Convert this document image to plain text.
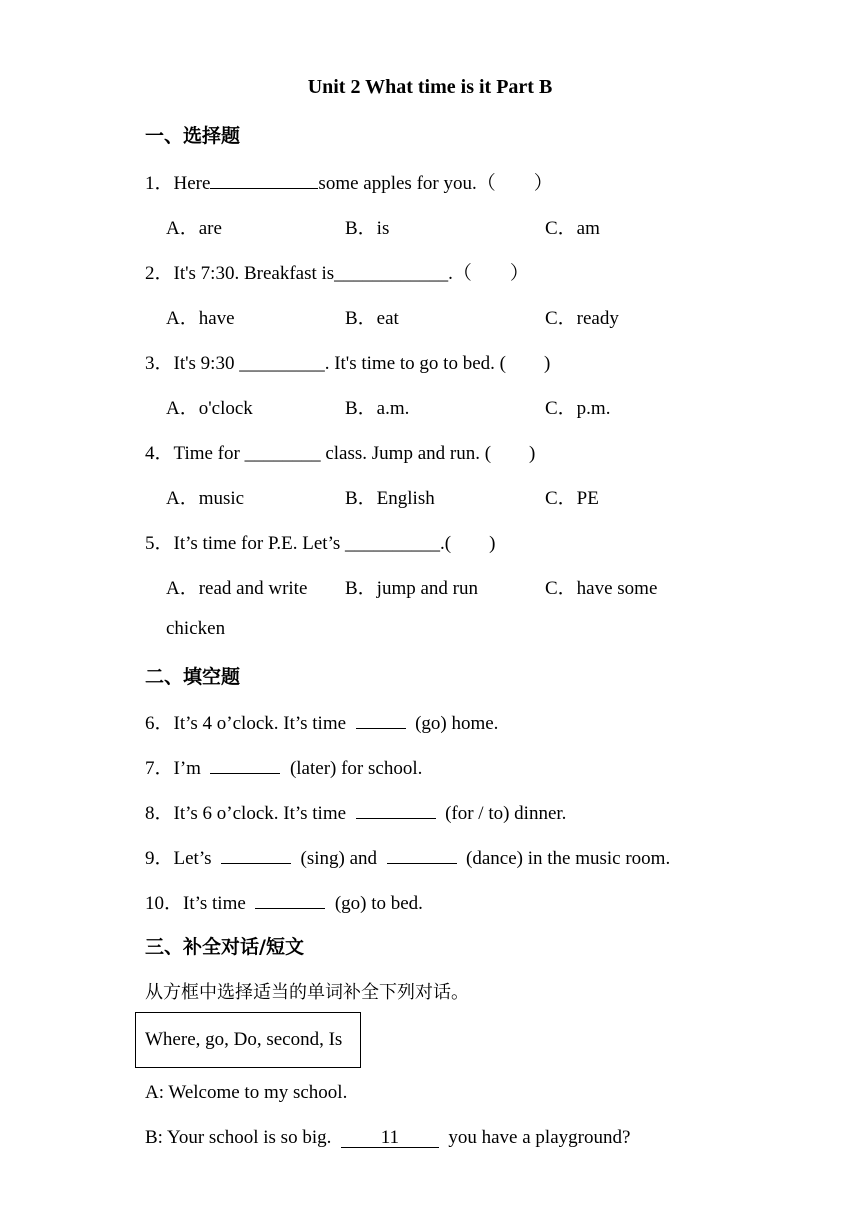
Unit 2 What time is it Part B
一、选择题
1．Here	some apples for you.（　　）
A．are	B．is	C．am
2．It's 7:30. Breakfast is____________.（　　）
A．have	B．eat	C．ready
3．It's 9:30 _________. It's time to go to bed. (　　)
A．o'clock	B．a.m.	C．p.m.
4．Time for ________ class. Jump and run. (　　)
A．music	B．English	C．PE
5．It’s time for P.E. Let’s __________.(　　)
A．read and write B．jump and run	C．have some
chicken
二、填空题
6．It’s 4 o’clock. It’s time	(go) home.
7．I’m	(later) for school.
8．It’s 6 o’clock. It’s time	(for / to) dinner.
9．Let’s	(sing) and	(dance) in the music room.
10．It’s time	(go) to bed.
三、补全对话/短文
从方框中选择适当的单词补全下列对话。
Where, go, Do, second, Is
A: Welcome to my school.
B: Your school is so big.	11	you have a playground?
